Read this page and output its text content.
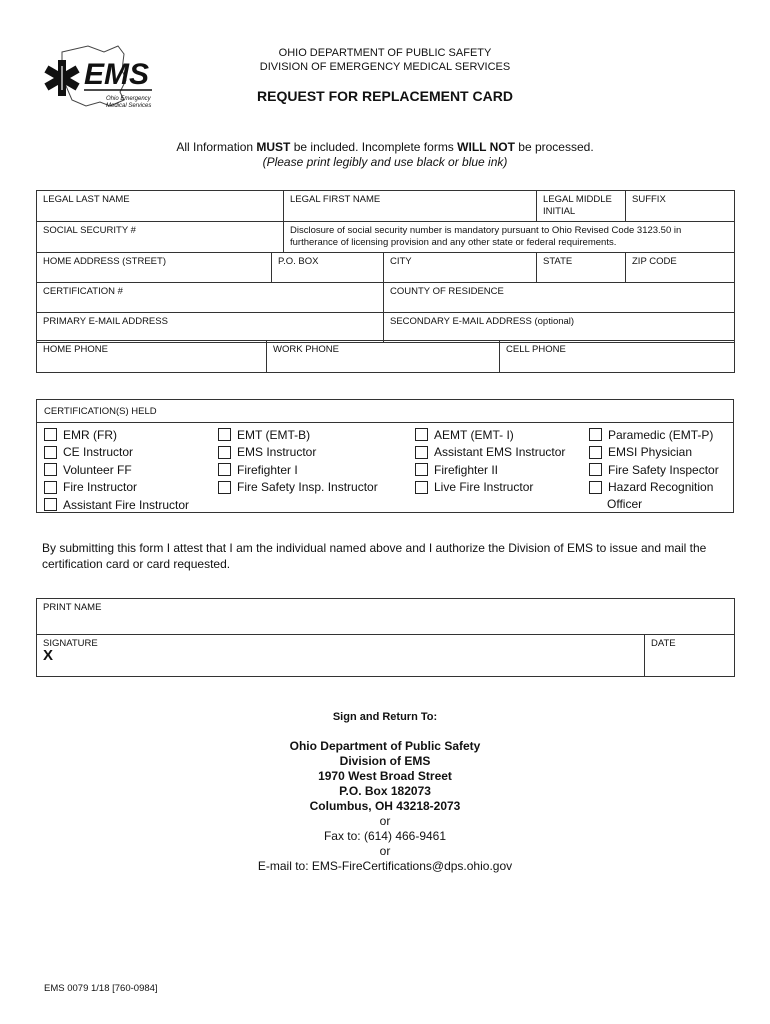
EMS
Ohio Emergency
Medical Services
OHIO DEPARTMENT OF PUBLIC SAFETY
DIVISION OF EMERGENCY MEDICAL SERVICES
REQUEST FOR REPLACEMENT CARD
All Information MUST be included. Incomplete forms WILL NOT be processed.
(Please print legibly and use black or blue ink)
LEGAL LAST NAME		LEGAL FIRST NAME		LEGAL MIDDLE INITIAL	SUFFIX
SOCIAL SECURITY #		Disclosure of social security number is mandatory pursuant to Ohio Revised Code 3123.50 in furtherance of licensing provision and any other state or federal requirements.			
HOME ADDRESS (STREET)	P.O. BOX		CITY	STATE	ZIP CODE
CERTIFICATION #			COUNTY OF RESIDENCE		
PRIMARY E-MAIL ADDRESS			SECONDARY E-MAIL ADDRESS (optional)		
HOME PHONE	WORK PHONE	CELL PHONE
CERTIFICATION(S) HELD
EMR (FR)
CE Instructor
Volunteer FF
Fire Instructor
Assistant Fire Instructor
EMT (EMT-B)
EMS Instructor
Firefighter I
Fire Safety Insp. Instructor
AEMT (EMT- I)
Assistant EMS Instructor
Firefighter II
Live Fire Instructor
Paramedic (EMT-P)
EMSI Physician
Fire Safety Inspector
Hazard Recognition
Officer
By submitting this form I attest that I am the individual named above and I authorize the Division of EMS to issue and mail the certification card or card requested.
PRINT NAME

SIGNATURE
X
	DATE
Sign and Return To:
Ohio Department of Public Safety
Division of EMS
1970 West Broad Street
P.O. Box 182073
Columbus, OH 43218-2073
or
Fax to: (614) 466-9461
or
E-mail to: EMS-FireCertifications@dps.ohio.gov
EMS 0079 1/18 [760-0984]
